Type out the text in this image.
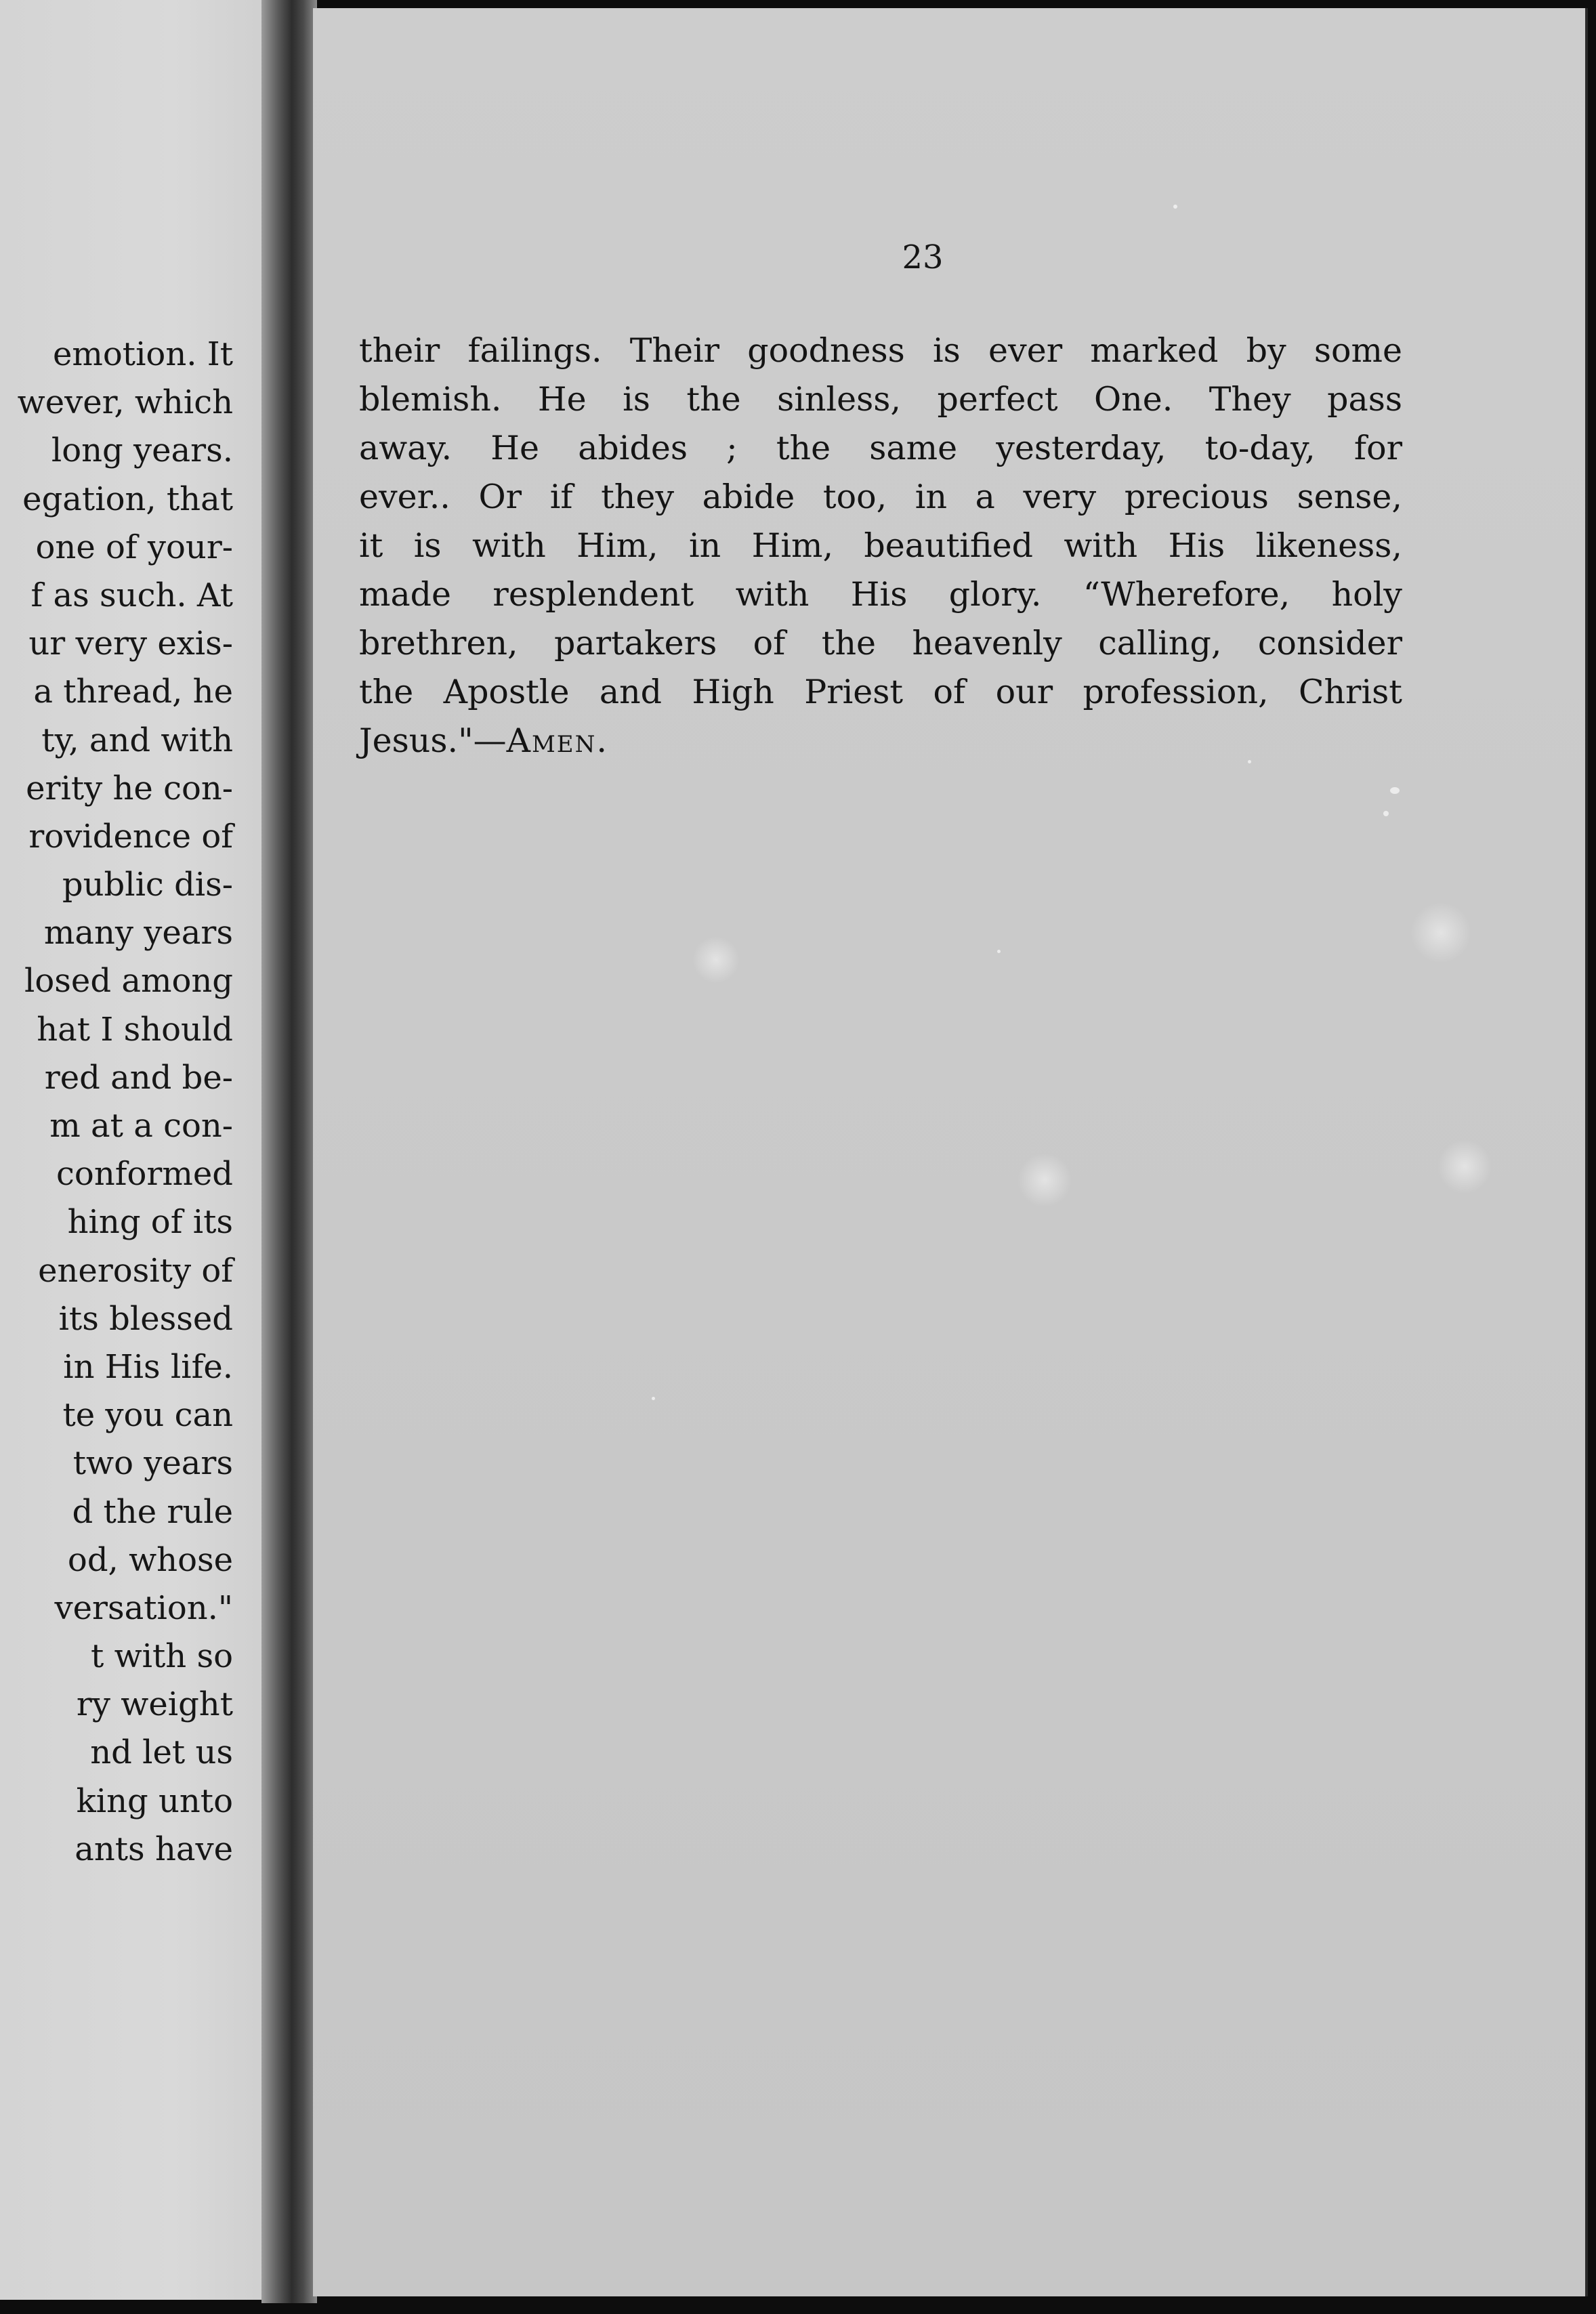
emotion. It
wever, which
long years.
egation, that
one of your-
f as such. At
ur very exis-
a thread, he
ty, and with
erity he con-
rovidence of
public dis-
many years
losed among
hat I should
red and be-
m at a con-
conformed
hing of its
enerosity of
its blessed
in His life.
te you can
two years
d the rule
od, whose
versation."
t with so
ry weight
nd let us
king unto
ants have
23
their failings. Their goodness is ever marked by some
blemish. He is the sinless, perfect One. They pass
away. He abides ; the same yesterday, to-day, for
ever.. Or if they abide too, in a very precious sense,
it is with Him, in Him, beautified with His likeness,
made resplendent with His glory. “Wherefore, holy
brethren, partakers of the heavenly calling, consider
the Apostle and High Priest of our profession, Christ
Jesus."—Amen.
